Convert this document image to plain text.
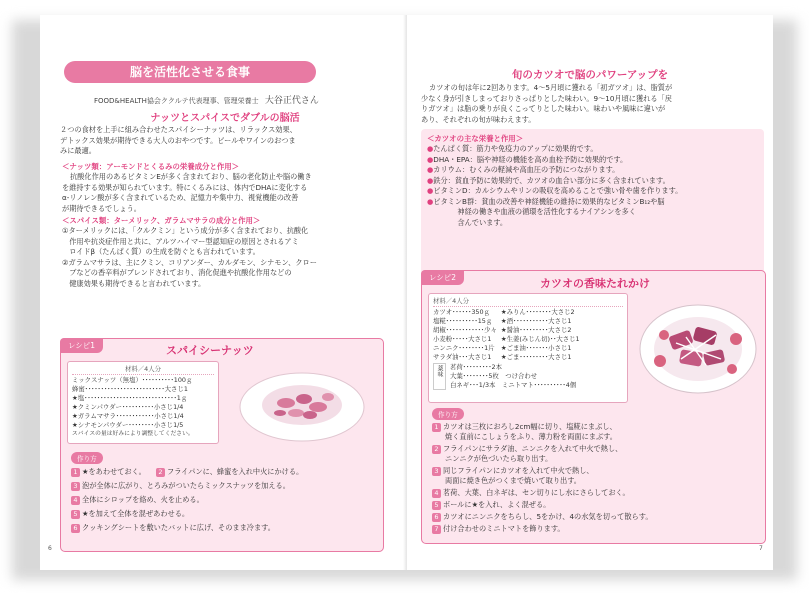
脳を活性化させる食事
FOOD&HEALTH協会ククルテ代表理事、管理栄養士 大谷正代さん
ナッツとスパイスでダブルの脳活
２つの食材を上手に組み合わせたスパイシーナッツは、リラックス効果、
デトックス効果が期待できる大人のおやつです。ビールやワインのおつま
みに最適。
＜ナッツ類：アーモンドとくるみの栄養成分と作用＞
抗酸化作用のあるビタミンEが多く含まれており、脳の老化防止や脳の働き
を維持する効果が知られています。特にくるみには、体内でDHAに変化する
α-リノレン酸が多く含まれているため、記憶力や集中力、視覚機能の改善
が期待できるでしょう。
＜スパイス類：ターメリック、ガラムマサラの成分と作用＞
①ターメリックには、「クルクミン」という成分が多く含まれており、抗酸化
　作用や抗炎症作用と共に、アルツハイマー型認知症の原因とされるアミ
　ロイドβ（たんぱく質）の生成を防ぐとも言われています。
②ガラムマサラは、主にクミン、コリアンダー、カルダモン、シナモン、クロー
　ブなどの香辛料がブレンドされており、消化促進や抗酸化作用などの
　健康効果も期待できると言われています。
レシピ1	スパイシーナッツ
材料／4人分
ミックスナッツ（無塩）･･････････100ｇ
蜂蜜･････････････････････････大さじ1
★塩･････････････････････････････1ｇ
★クミンパウダー･･････････小さじ1/4
★ガラムマサラ････････････小さじ1/4
★シナモンパウダー････････小さじ1/5
スパイスの量は好みにより調整してください。
作り方
1 ★をあわせておく。	2 フライパンに、蜂蜜を入れ中火にかける。
3 泡が全体に広がり、とろみがついたらミックスナッツを加える。
4 全体にシロップを絡め、火を止める。
5 ★を加えて全体を混ぜあわせる。
6 クッキングシートを敷いたバットに広げ、そのまま冷ます。
6
旬のカツオで脳のパワーアップを
カツオの旬は年に2回あります。4～5月頃に獲れる「初ガツオ」は、脂質が
少なく身が引きしまっておりさっぱりとした味わい。9～10月頃に獲れる「戻
りガツオ」は脂の乗りが良くこってりとした味わい。味わいや風味に違いが
あり、それぞれの旬が味わえます。
＜カツオの主な栄養と作用＞
●たんぱく質：筋力や免疫力のアップに効果的です。
●DHA・EPA：脳や神経の機能を高め血栓予防に効果的です。
●カリウム：むくみの軽減や高血圧の予防につながります。
●鉄分：貧血予防に効果的で、カツオの血合い部分に多く含まれています。
●ビタミンD：カルシウムやリンの吸収を高めることで強い骨や歯を作ります。
●ビタミンB群：貧血の改善や神経機能の維持に効果的なビタミンB₁₂や脳
　　神経の働きや血液の循環を活性化するナイアシンを多く
　　含んでいます。
レシピ2	カツオの香味たれかけ
材料／4人分
カツオ･･････350ｇ
塩糀･･････････15ｇ
胡椒････････････少々
小麦粉･････大さじ1
ニンニク････････1片
サラダ油･･･大さじ1
★みりん････････大さじ2
★酒･･･････････大さじ1
★醤油･････････大さじ2
★生姜(みじん切)･･大さじ1
★ごま油･･･････小さじ1
★ごま･････････大さじ1
薬味	茗荷･････････2本
大葉････････5枚　つけ合わせ
白ネギ･･･1/3本　ミニトマト･･････････4個
作り方
1 カツオは三枚におろし2cm幅に切り、塩糀にまぶし、
焼く直前にこしょうをふり、薄力粉を両面にまぶす。
2 フライパンにサラダ油、ニンニクを入れて中火で熱し、
ニンニクが色づいたら取り出す。
3 同じフライパンにカツオを入れて中火で熱し、
両面に焼き色がつくまで焼いて取り出す。
4 茗荷、大葉、白ネギは、セン切りにし水にさらしておく。
5 ボールに★を入れ、よく混ぜる。
6 カツオにニンニクをちらし、5をかけ、4の水気を切って散らす。
7 付け合わせのミニトマトを飾ります。
7
